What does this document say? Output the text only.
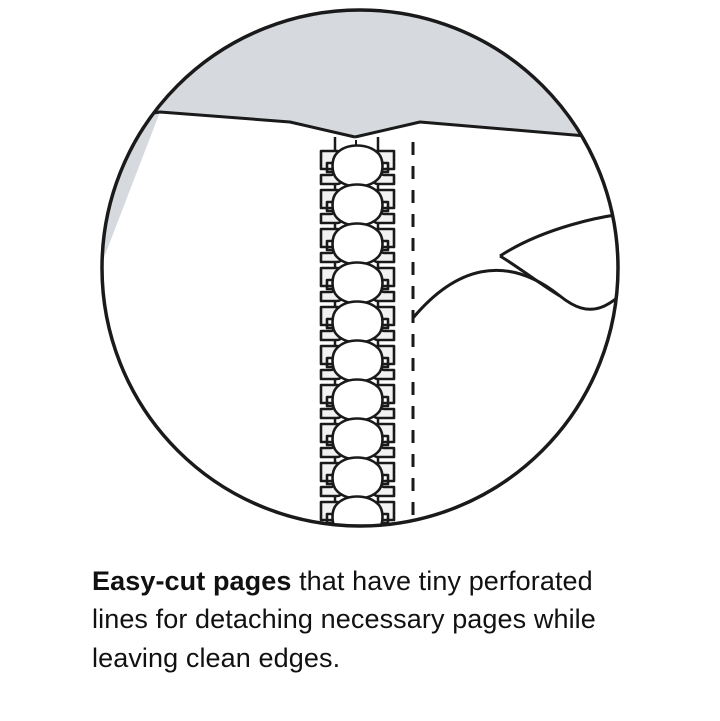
Easy-cut pages that have tiny perforated lines for detaching necessary pages while leaving clean edges.
